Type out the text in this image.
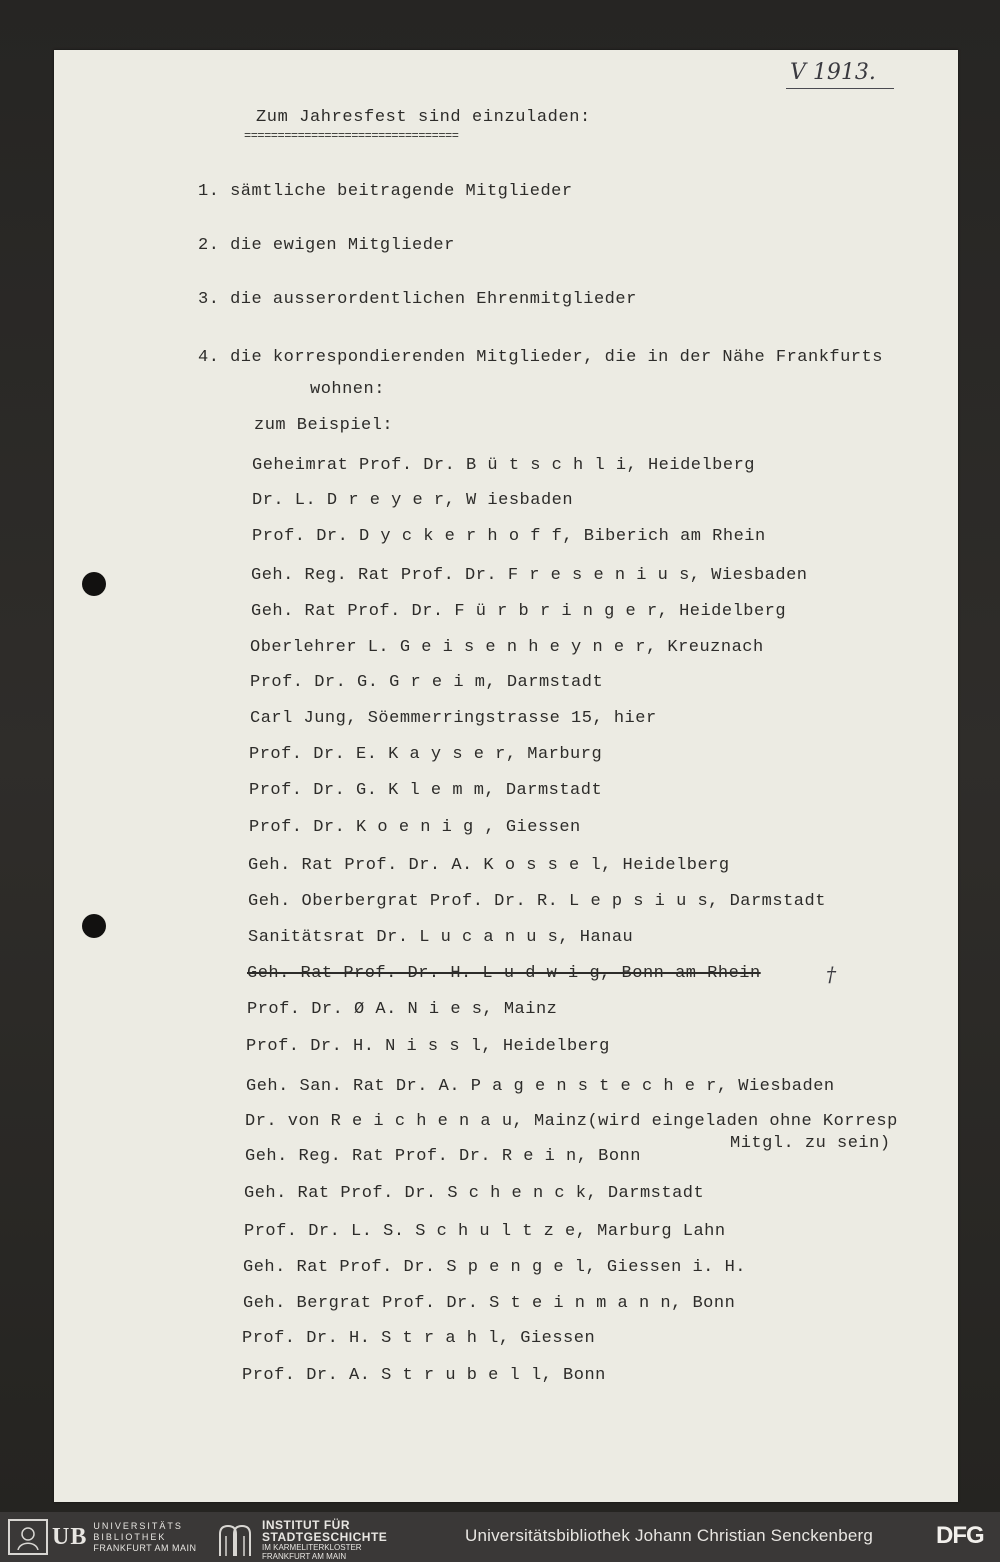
V 1913.
Zum Jahresfest sind einzuladen:
================================
1. sämtliche beitragende Mitglieder
2. die ewigen Mitglieder
3. die ausserordentlichen Ehrenmitglieder
4. die korrespondierenden Mitglieder, die in der Nähe Frankfurts
wohnen:
zum Beispiel:
Geheimrat Prof. Dr. B ü t s c h l i, Heidelberg
Dr. L. D r e y e r, W iesbaden
Prof. Dr. D y c k e r h o f f, Biberich am Rhein
Geh. Reg. Rat Prof. Dr. F r e s e n i u s, Wiesbaden
Geh. Rat Prof. Dr. F ü r b r i n g e r, Heidelberg
Oberlehrer L. G e i s e n h e y n e r, Kreuznach
Prof. Dr. G. G r e i m, Darmstadt
Carl Jung, Söemmerringstrasse 15, hier
Prof. Dr. E. K a y s e r, Marburg
Prof. Dr. G. K l e m m, Darmstadt
Prof. Dr. K o e n i g , Giessen
Geh. Rat Prof. Dr. A. K o s s e l, Heidelberg
Geh. Oberbergrat Prof. Dr. R. L e p s i u s, Darmstadt
Sanitätsrat Dr. L u c a n u s, Hanau
Geh. Rat Prof. Dr. H. L u d w i g, Bonn am Rhein	†
Prof. Dr. Ø A. N i e s, Mainz
Prof. Dr. H. N i s s l, Heidelberg
Geh. San. Rat Dr. A. P a g e n s t e c h e r, Wiesbaden
Dr. von R e i c h e n a u, Mainz(wird eingeladen ohne Korresp
Mitgl. zu sein)
Geh. Reg. Rat Prof. Dr. R e i n, Bonn
Geh. Rat Prof. Dr. S c h e n c k, Darmstadt
Prof. Dr. L. S. S c h u l t z e, Marburg Lahn
Geh. Rat Prof. Dr. S p e n g e l, Giessen i. H.
Geh. Bergrat Prof. Dr. S t e i n m a n n, Bonn
Prof. Dr. H. S t r a h l, Giessen
Prof. Dr. A. S t r u b e l l, Bonn
UB UNIVERSITÄTS
BIBLIOTHEK
FRANKFURT AM MAIN
INSTITUT FÜR
STADTGESCHICHTE
IM KARMELITERKLOSTER
FRANKFURT AM MAIN
Universitätsbibliothek Johann Christian Senckenberg	DFG
